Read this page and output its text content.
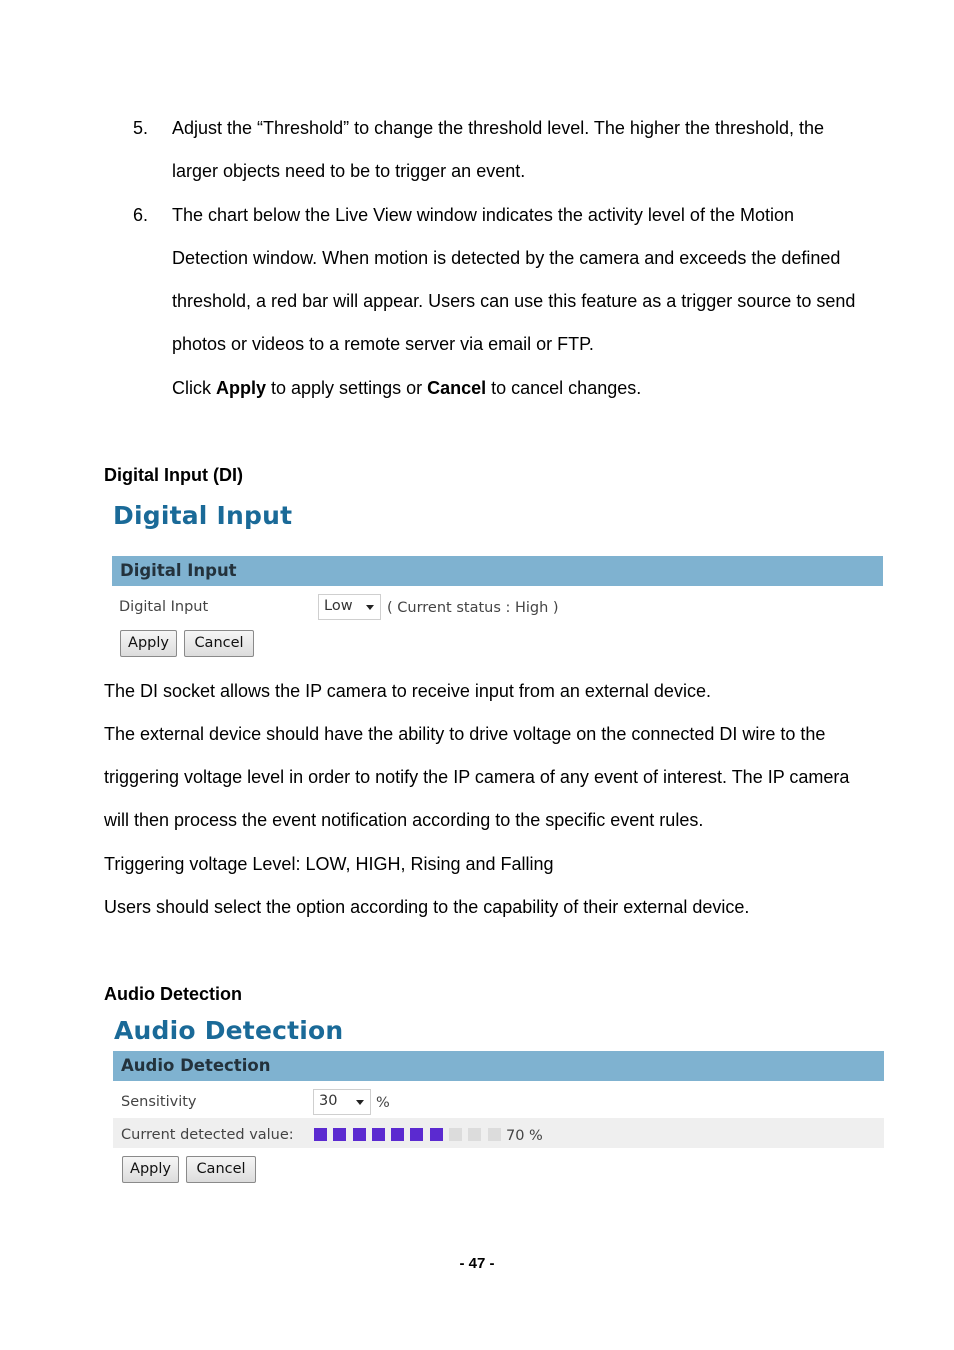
5. Adjust the “Threshold” to change the threshold level. The higher the threshold, the
larger objects need to be to trigger an event.
6. The chart below the Live View window indicates the activity level of the Motion
Detection window. When motion is detected by the camera and exceeds the defined
threshold, a red bar will appear. Users can use this feature as a trigger source to send
photos or videos to a remote server via email or FTP.
Click Apply to apply settings or Cancel to cancel changes.
Digital Input (DI)
Digital Input
Digital Input
Digital Input	Low ( Current status : High )
Apply	Cancel
The DI socket allows the IP camera to receive input from an external device.
The external device should have the ability to drive voltage on the connected DI wire to the
triggering voltage level in order to notify the IP camera of any event of interest. The IP camera
will then process the event notification according to the specific event rules.
Triggering voltage Level: LOW, HIGH, Rising and Falling
Users should select the option according to the capability of their external device.
Audio Detection
Audio Detection
Audio Detection
Sensitivity	30	%
Current detected value:	70 %
Apply	Cancel
- 47 -
